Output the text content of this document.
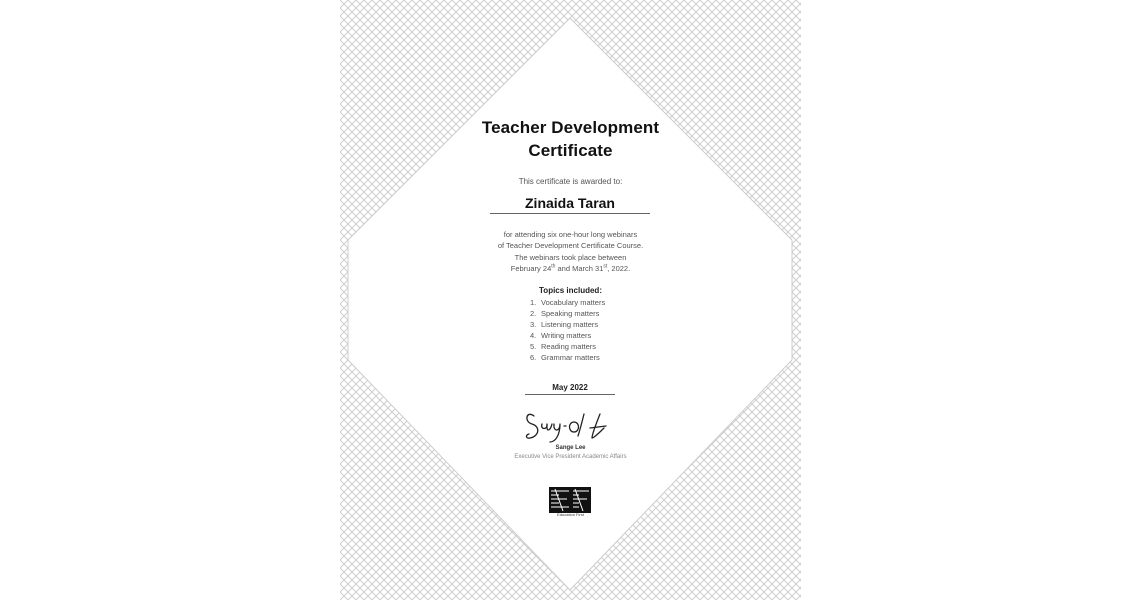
Teacher Development
Certificate
This certificate is awarded to:
Zinaida Taran
for attending six one-hour long webinars
of Teacher Development Certificate Course.
The webinars took place between
February 24th and March 31st, 2022.
Topics included:
1. Vocabulary matters
2. Speaking matters
3. Listening matters
4. Writing matters
5. Reading matters
6. Grammar matters
May 2022
Sange Lee
Executive Vice President Academic Affairs
Education First
